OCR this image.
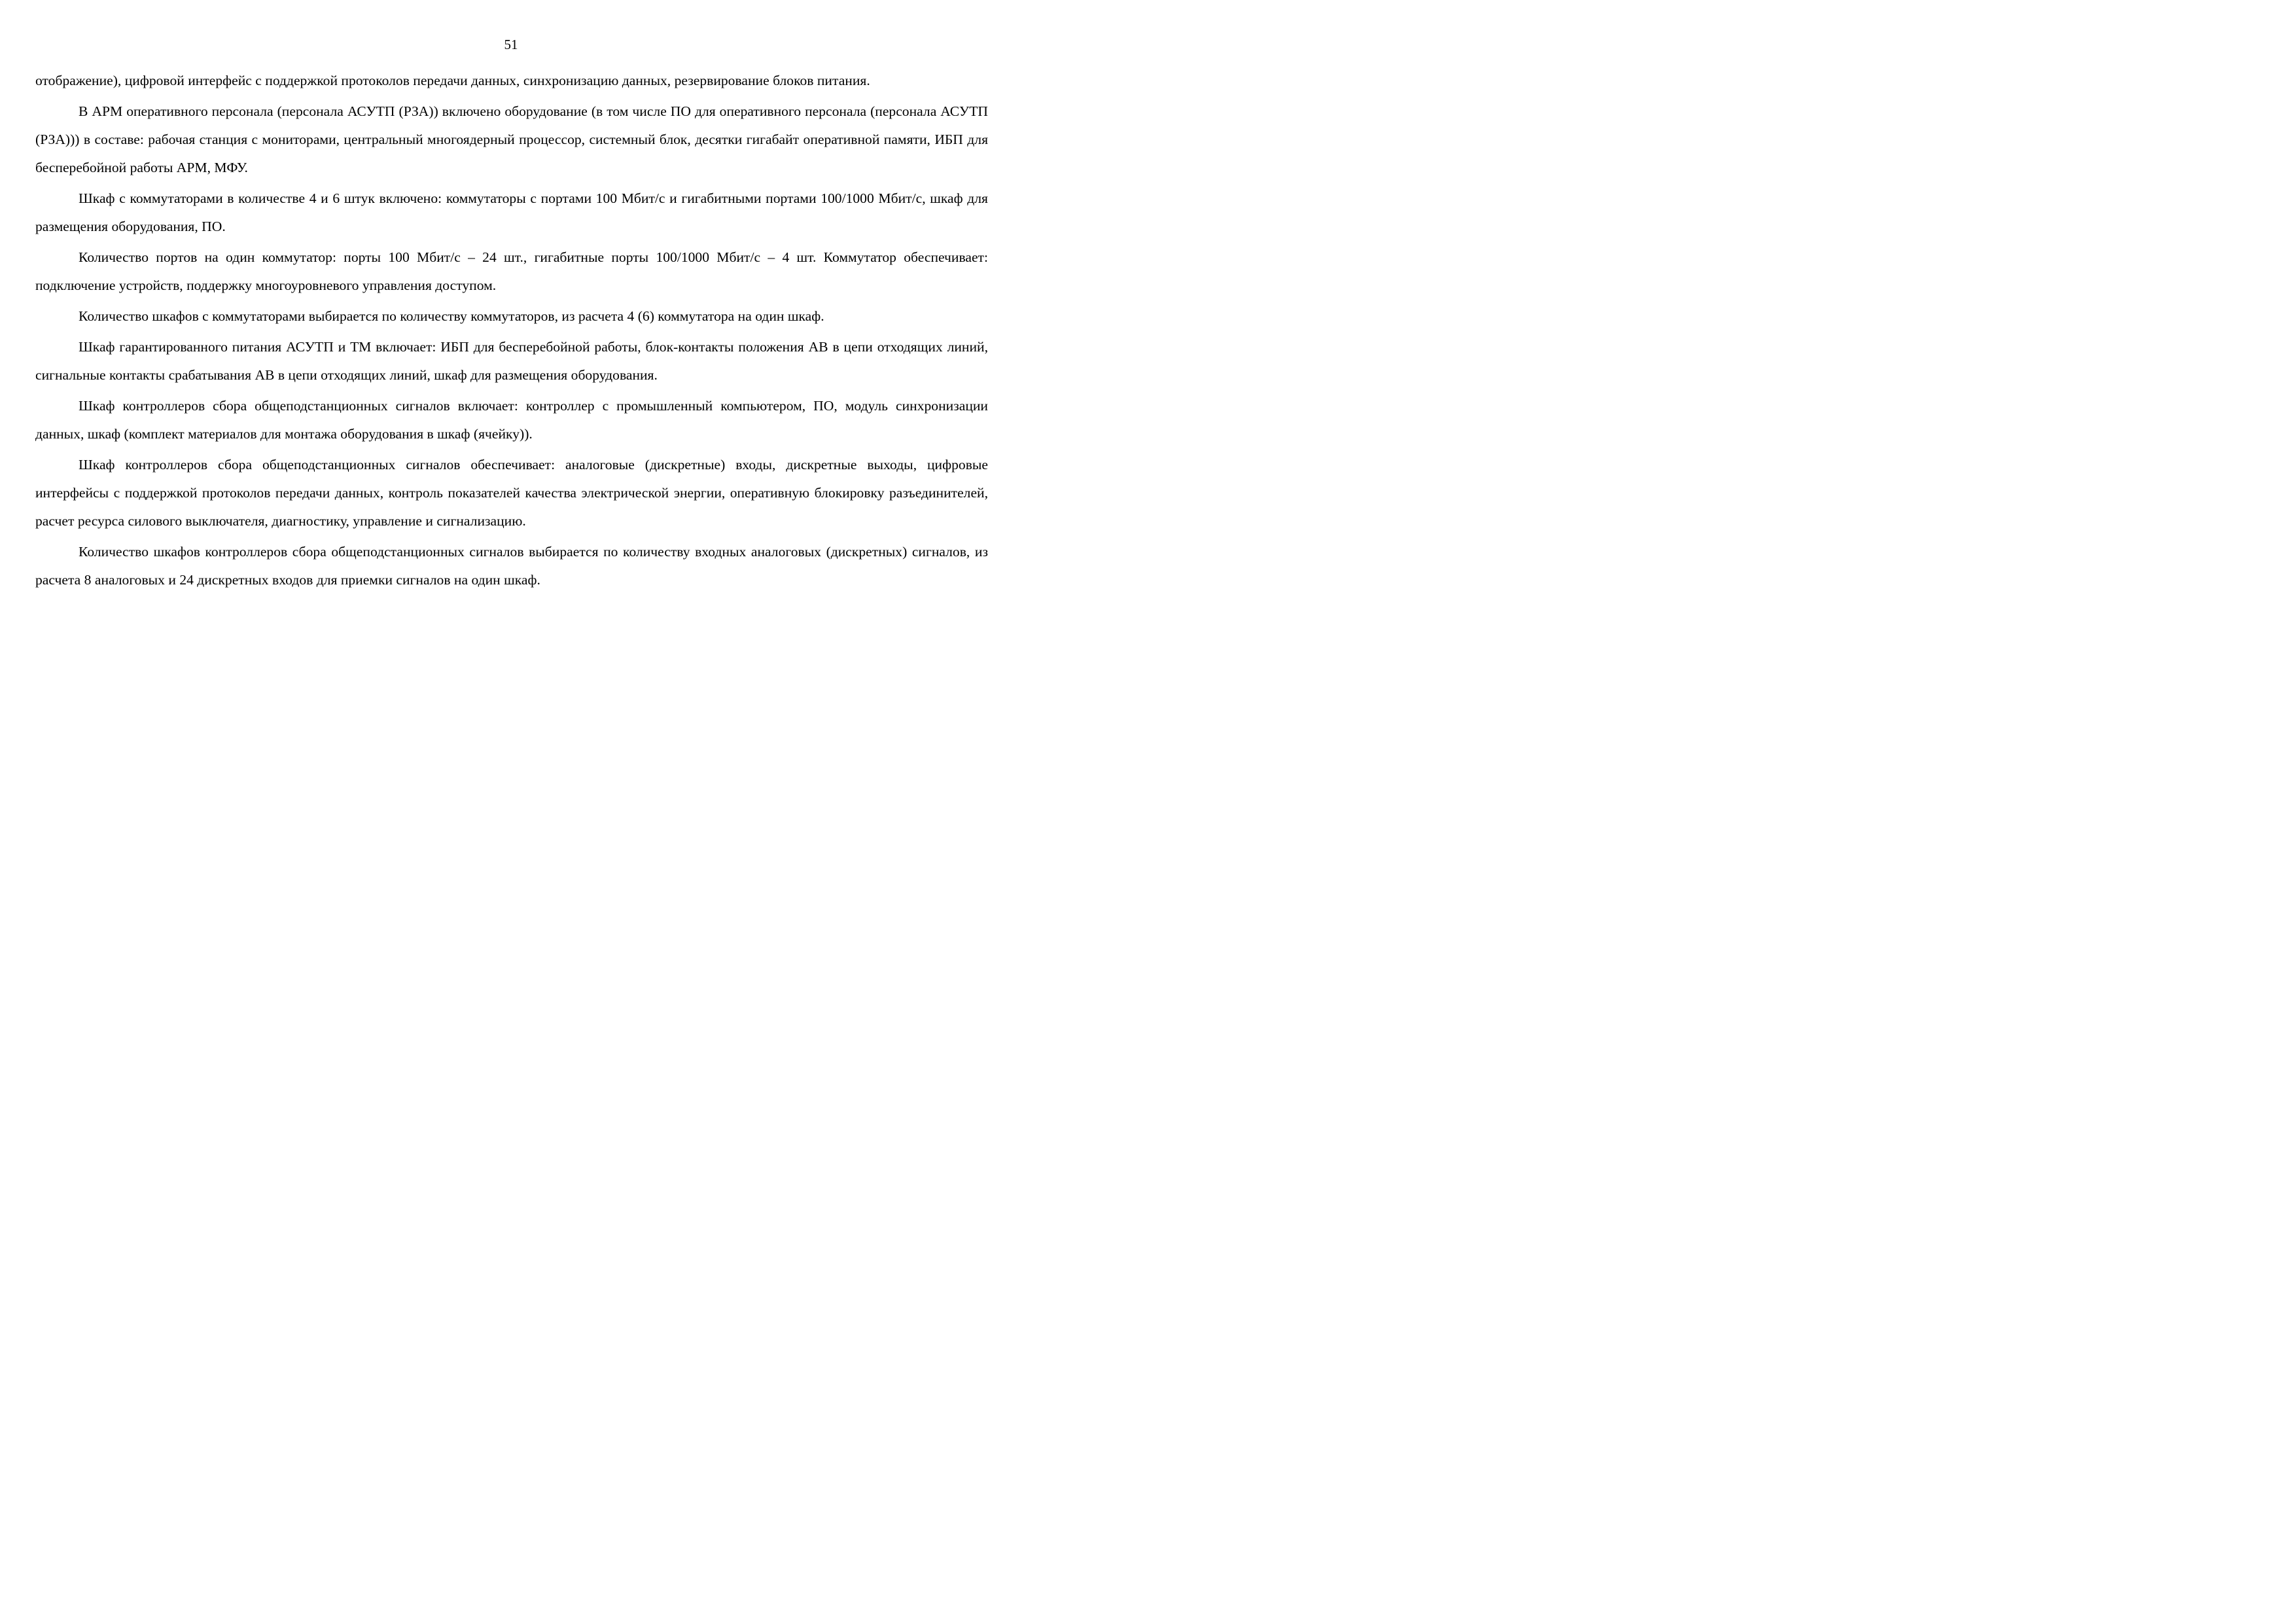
51

отображение), цифровой интерфейс с поддержкой протоколов передачи данных, синхронизацию данных, резервирование блоков питания.

В АРМ оперативного персонала (персонала АСУТП (РЗА)) включено оборудование (в том числе ПО для оперативного персонала (персонала АСУТП (РЗА))) в составе: рабочая станция с мониторами, центральный многоядерный процессор, системный блок, десятки гигабайт оперативной памяти, ИБП для бесперебойной работы АРМ, МФУ.

Шкаф с коммутаторами в количестве 4 и 6 штук включено: коммутаторы с портами 100 Мбит/с и гигабитными портами 100/1000 Мбит/с, шкаф для размещения оборудования, ПО.

Количество портов на один коммутатор: порты 100 Мбит/с – 24 шт., гигабитные порты 100/1000 Мбит/с – 4 шт. Коммутатор обеспечивает: подключение устройств, поддержку многоуровневого управления доступом.

Количество шкафов с коммутаторами выбирается по количеству коммутаторов, из расчета 4 (6) коммутатора на один шкаф.

Шкаф гарантированного питания АСУТП и ТМ включает: ИБП для бесперебойной работы, блок-контакты положения АВ в цепи отходящих линий, сигнальные контакты срабатывания АВ в цепи отходящих линий, шкаф для размещения оборудования.

Шкаф контроллеров сбора общеподстанционных сигналов включает: контроллер с промышленный компьютером, ПО, модуль синхронизации данных, шкаф (комплект материалов для монтажа оборудования в шкаф (ячейку)).

Шкаф контроллеров сбора общеподстанционных сигналов обеспечивает: аналоговые (дискретные) входы, дискретные выходы, цифровые интерфейсы с поддержкой протоколов передачи данных, контроль показателей качества электрической энергии, оперативную блокировку разъединителей, расчет ресурса силового выключателя, диагностику, управление и сигнализацию.

Количество шкафов контроллеров сбора общеподстанционных сигналов выбирается по количеству входных аналоговых (дискретных) сигналов, из расчета 8 аналоговых и 24 дискретных входов для приемки сигналов на один шкаф.
